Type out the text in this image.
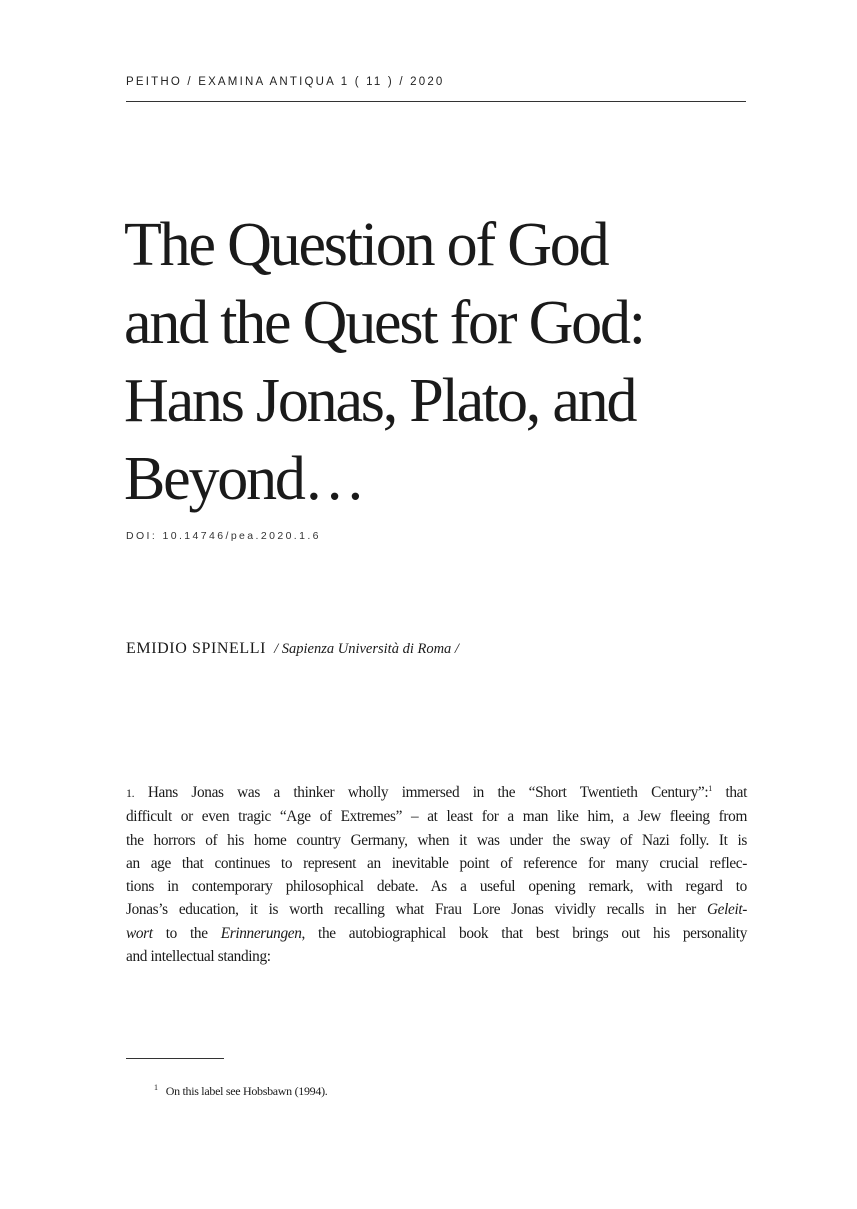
PEITHO / EXAMINA ANTIQUA 1 ( 11 ) / 2020
The Question of God
and the Quest for God:
Hans Jonas, Plato, and
Beyond…
DOI: 10.14746/pea.2020.1.6
EMIDIO SPINELLI / Sapienza Università di Roma /
1. Hans Jonas was a thinker wholly immersed in the “Short Twentieth Century”:$^1$ that
difficult or even tragic “Age of Extremes” – at least for a man like him, a Jew fleeing from
the horrors of his home country Germany, when it was under the sway of Nazi folly. It is
an age that continues to represent an inevitable point of reference for many crucial reflec-
tions in contemporary philosophical debate. As a useful opening remark, with regard to
Jonas’s education, it is worth recalling what Frau Lore Jonas vividly recalls in her Geleit-
wort to the Erinnerungen, the autobiographical book that best brings out his personality
and intellectual standing:
$^1$ On this label see Hobsbawn (1994).
